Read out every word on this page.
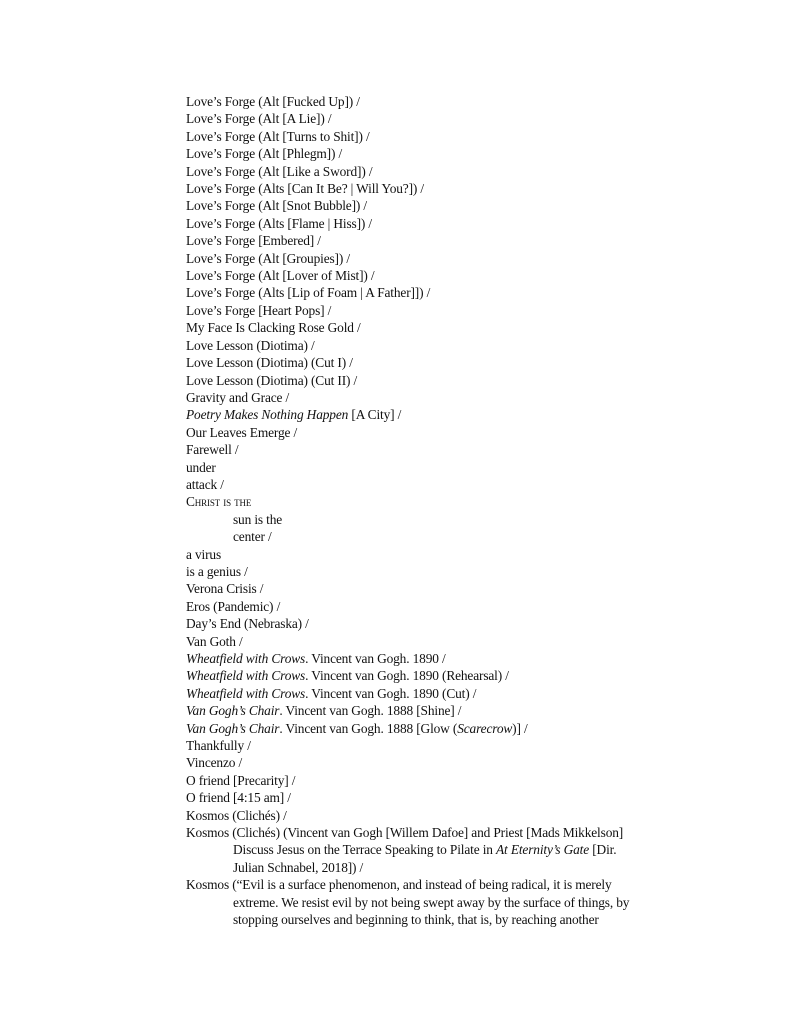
Love’s Forge (Alt [Fucked Up]) /
Love’s Forge (Alt [A Lie]) /
Love’s Forge (Alt [Turns to Shit]) /
Love’s Forge (Alt [Phlegm]) /
Love’s Forge (Alt [Like a Sword]) /
Love’s Forge (Alts [Can It Be? | Will You?]) /
Love’s Forge (Alt [Snot Bubble]) /
Love’s Forge (Alts [Flame | Hiss]) /
Love’s Forge [Embered] /
Love’s Forge (Alt [Groupies]) /
Love’s Forge (Alt [Lover of Mist]) /
Love’s Forge (Alts [Lip of Foam | A Father]]) /
Love’s Forge [Heart Pops] /
My Face Is Clacking Rose Gold /
Love Lesson (Diotima) /
Love Lesson (Diotima) (Cut I) /
Love Lesson (Diotima) (Cut II) /
Gravity and Grace /
Poetry Makes Nothing Happen [A City] /
Our Leaves Emerge /
Farewell /
under
attack /
Christ is the
sun is the
center /
a virus
is a genius /
Verona Crisis /
Eros (Pandemic) /
Day’s End (Nebraska) /
Van Goth /
Wheatfield with Crows. Vincent van Gogh. 1890 /
Wheatfield with Crows. Vincent van Gogh. 1890 (Rehearsal) /
Wheatfield with Crows. Vincent van Gogh. 1890 (Cut) /
Van Gogh’s Chair. Vincent van Gogh. 1888 [Shine] /
Van Gogh’s Chair. Vincent van Gogh. 1888 [Glow (Scarecrow)] /
Thankfully /
Vincenzo /
O friend [Precarity] /
O friend [4:15 am] /
Kosmos (Clichés) /
Kosmos (Clichés) (Vincent van Gogh [Willem Dafoe] and Priest [Mads Mikkelson]
Discuss Jesus on the Terrace Speaking to Pilate in At Eternity’s Gate [Dir.
Julian Schnabel, 2018]) /
Kosmos (“Evil is a surface phenomenon, and instead of being radical, it is merely
extreme. We resist evil by not being swept away by the surface of things, by
stopping ourselves and beginning to think, that is, by reaching another
